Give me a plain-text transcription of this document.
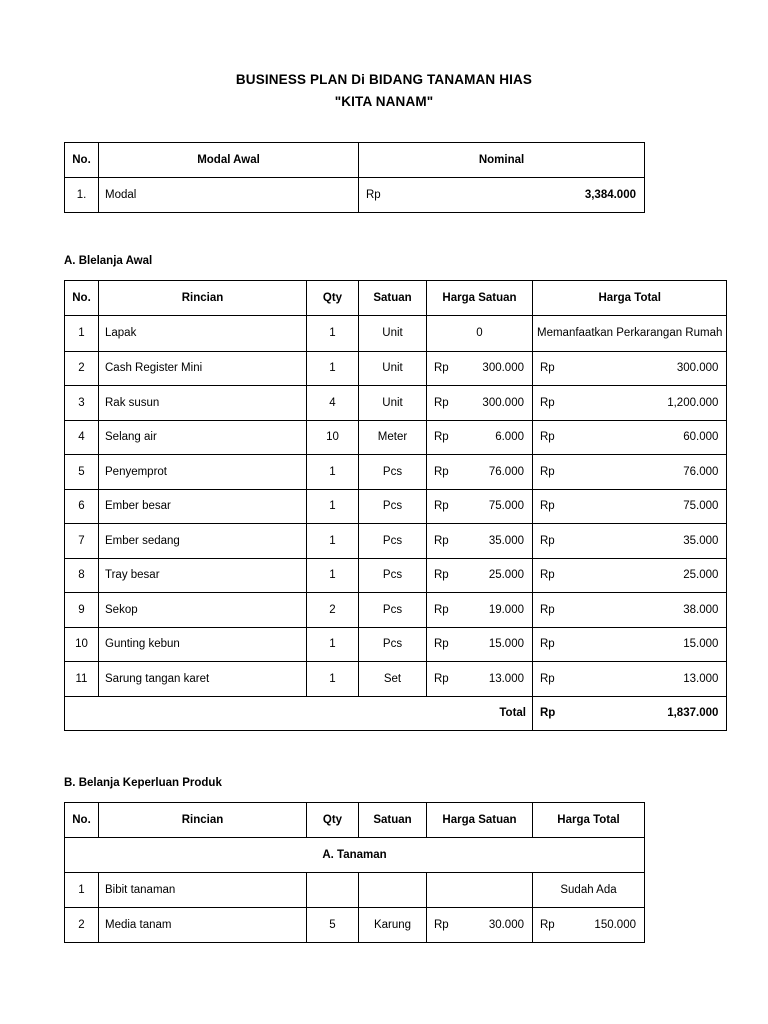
BUSINESS PLAN Di BIDANG TANAMAN HIAS
"KITA NANAM"
No.	Modal Awal	Nominal
1.	Modal	Rp 3,384.000
A. Blelanja Awal
No.	Rincian	Qty	Satuan	Harga Satuan	Harga Total
1	Lapak	1	Unit	0	Memanfaatkan Perkarangan Rumah
2	Cash Register Mini	1	Unit	Rp 300.000	Rp 300.000

3	Rak susun	4	Unit	Rp 300.000	Rp 1,200.000

4	Selang air	10	Meter	Rp 6.000	Rp 60.000

5	Penyemprot	1	Pcs	Rp 76.000	Rp 76.000

6	Ember besar	1	Pcs	Rp 75.000	Rp 75.000

7	Ember sedang	1	Pcs	Rp 35.000	Rp 35.000

8	Tray besar	1	Pcs	Rp 25.000	Rp 25.000

9	Sekop	2	Pcs	Rp 19.000	Rp 38.000

10	Gunting kebun	1	Pcs	Rp 15.000	Rp 15.000

11	Sarung tangan karet	1	Set	Rp 13.000	Rp 13.000

Total					Rp 1,837.000
B. Belanja Keperluan Produk
No.	Rincian	Qty	Satuan	Harga Satuan	Harga Total
A. Tanaman					
1	Bibit tanaman				Sudah Ada
2	Media tanam	5	Karung	Rp 30.000	Rp 150.000
